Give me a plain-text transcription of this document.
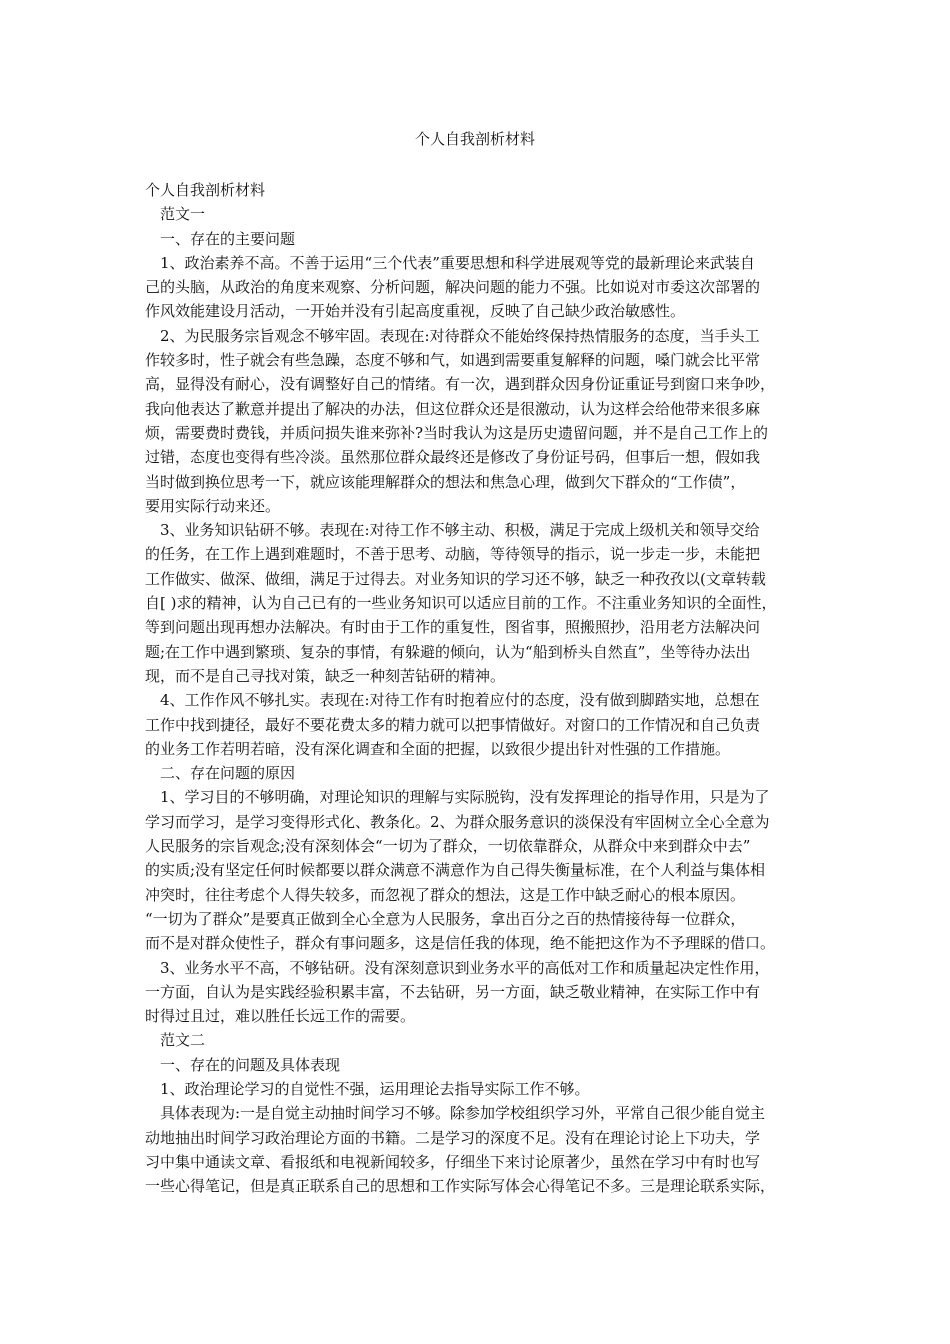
个人自我剖析材料
个人自我剖析材料
　范文一
　一、存在的主要问题
　1、政治素养不高。不善于运用“三个代表”重要思想和科学进展观等党的最新理论来武装自
己的头脑，从政治的角度来观察、分析问题，解决问题的能力不强。比如说对市委这次部署的
作风效能建设月活动，一开始并没有引起高度重视，反映了自己缺少政治敏感性。
　2、为民服务宗旨观念不够牢固。表现在:对待群众不能始终保持热情服务的态度，当手头工
作较多时，性子就会有些急躁，态度不够和气，如遇到需要重复解释的问题，嗓门就会比平常
高，显得没有耐心，没有调整好自己的情绪。有一次，遇到群众因身份证重证号到窗口来争吵，
我向他表达了歉意并提出了解决的办法，但这位群众还是很激动，认为这样会给他带来很多麻
烦，需要费时费钱，并质问损失谁来弥补?当时我认为这是历史遗留问题，并不是自己工作上的
过错，态度也变得有些冷淡。虽然那位群众最终还是修改了身份证号码，但事后一想，假如我
当时做到换位思考一下，就应该能理解群众的想法和焦急心理，做到欠下群众的“工作债”，
要用实际行动来还。
　3、业务知识钻研不够。表现在:对待工作不够主动、积极，满足于完成上级机关和领导交给
的任务，在工作上遇到难题时，不善于思考、动脑，等待领导的指示，说一步走一步，未能把
工作做实、做深、做细，满足于过得去。对业务知识的学习还不够，缺乏一种孜孜以(文章转载
自[ )求的精神，认为自己已有的一些业务知识可以适应目前的工作。不注重业务知识的全面性，
等到问题出现再想办法解决。有时由于工作的重复性，图省事，照搬照抄，沿用老方法解决问
题;在工作中遇到繁琐、复杂的事情，有躲避的倾向，认为“船到桥头自然直”，坐等待办法出
现，而不是自己寻找对策，缺乏一种刻苦钻研的精神。
　4、工作作风不够扎实。表现在:对待工作有时抱着应付的态度，没有做到脚踏实地，总想在
工作中找到捷径，最好不要花费太多的精力就可以把事情做好。对窗口的工作情况和自己负责
的业务工作若明若暗，没有深化调查和全面的把握，以致很少提出针对性强的工作措施。
　二、存在问题的原因
　1、学习目的不够明确，对理论知识的理解与实际脱钩，没有发挥理论的指导作用，只是为了
学习而学习，是学习变得形式化、教条化。2、为群众服务意识的淡保没有牢固树立全心全意为
人民服务的宗旨观念;没有深刻体会“一切为了群众，一切依靠群众，从群众中来到群众中去”
的实质;没有坚定任何时候都要以群众满意不满意作为自己得失衡量标准，在个人利益与集体相
冲突时，往往考虑个人得失较多，而忽视了群众的想法，这是工作中缺乏耐心的根本原因。
“一切为了群众”是要真正做到全心全意为人民服务，拿出百分之百的热情接待每一位群众，
而不是对群众使性子，群众有事问题多，这是信任我的体现，绝不能把这作为不予理睬的借口。
　3、业务水平不高，不够钻研。没有深刻意识到业务水平的高低对工作和质量起决定性作用，
一方面，自认为是实践经验积累丰富，不去钻研，另一方面，缺乏敬业精神，在实际工作中有
时得过且过，难以胜任长远工作的需要。
　范文二
　一、存在的问题及具体表现
　1、政治理论学习的自觉性不强，运用理论去指导实际工作不够。
　具体表现为:一是自觉主动抽时间学习不够。除参加学校组织学习外，平常自己很少能自觉主
动地抽出时间学习政治理论方面的书籍。二是学习的深度不足。没有在理论讨论上下功夫，学
习中集中通读文章、看报纸和电视新闻较多，仔细坐下来讨论原著少，虽然在学习中有时也写
一些心得笔记，但是真正联系自己的思想和工作实际写体会心得笔记不多。三是理论联系实际，
